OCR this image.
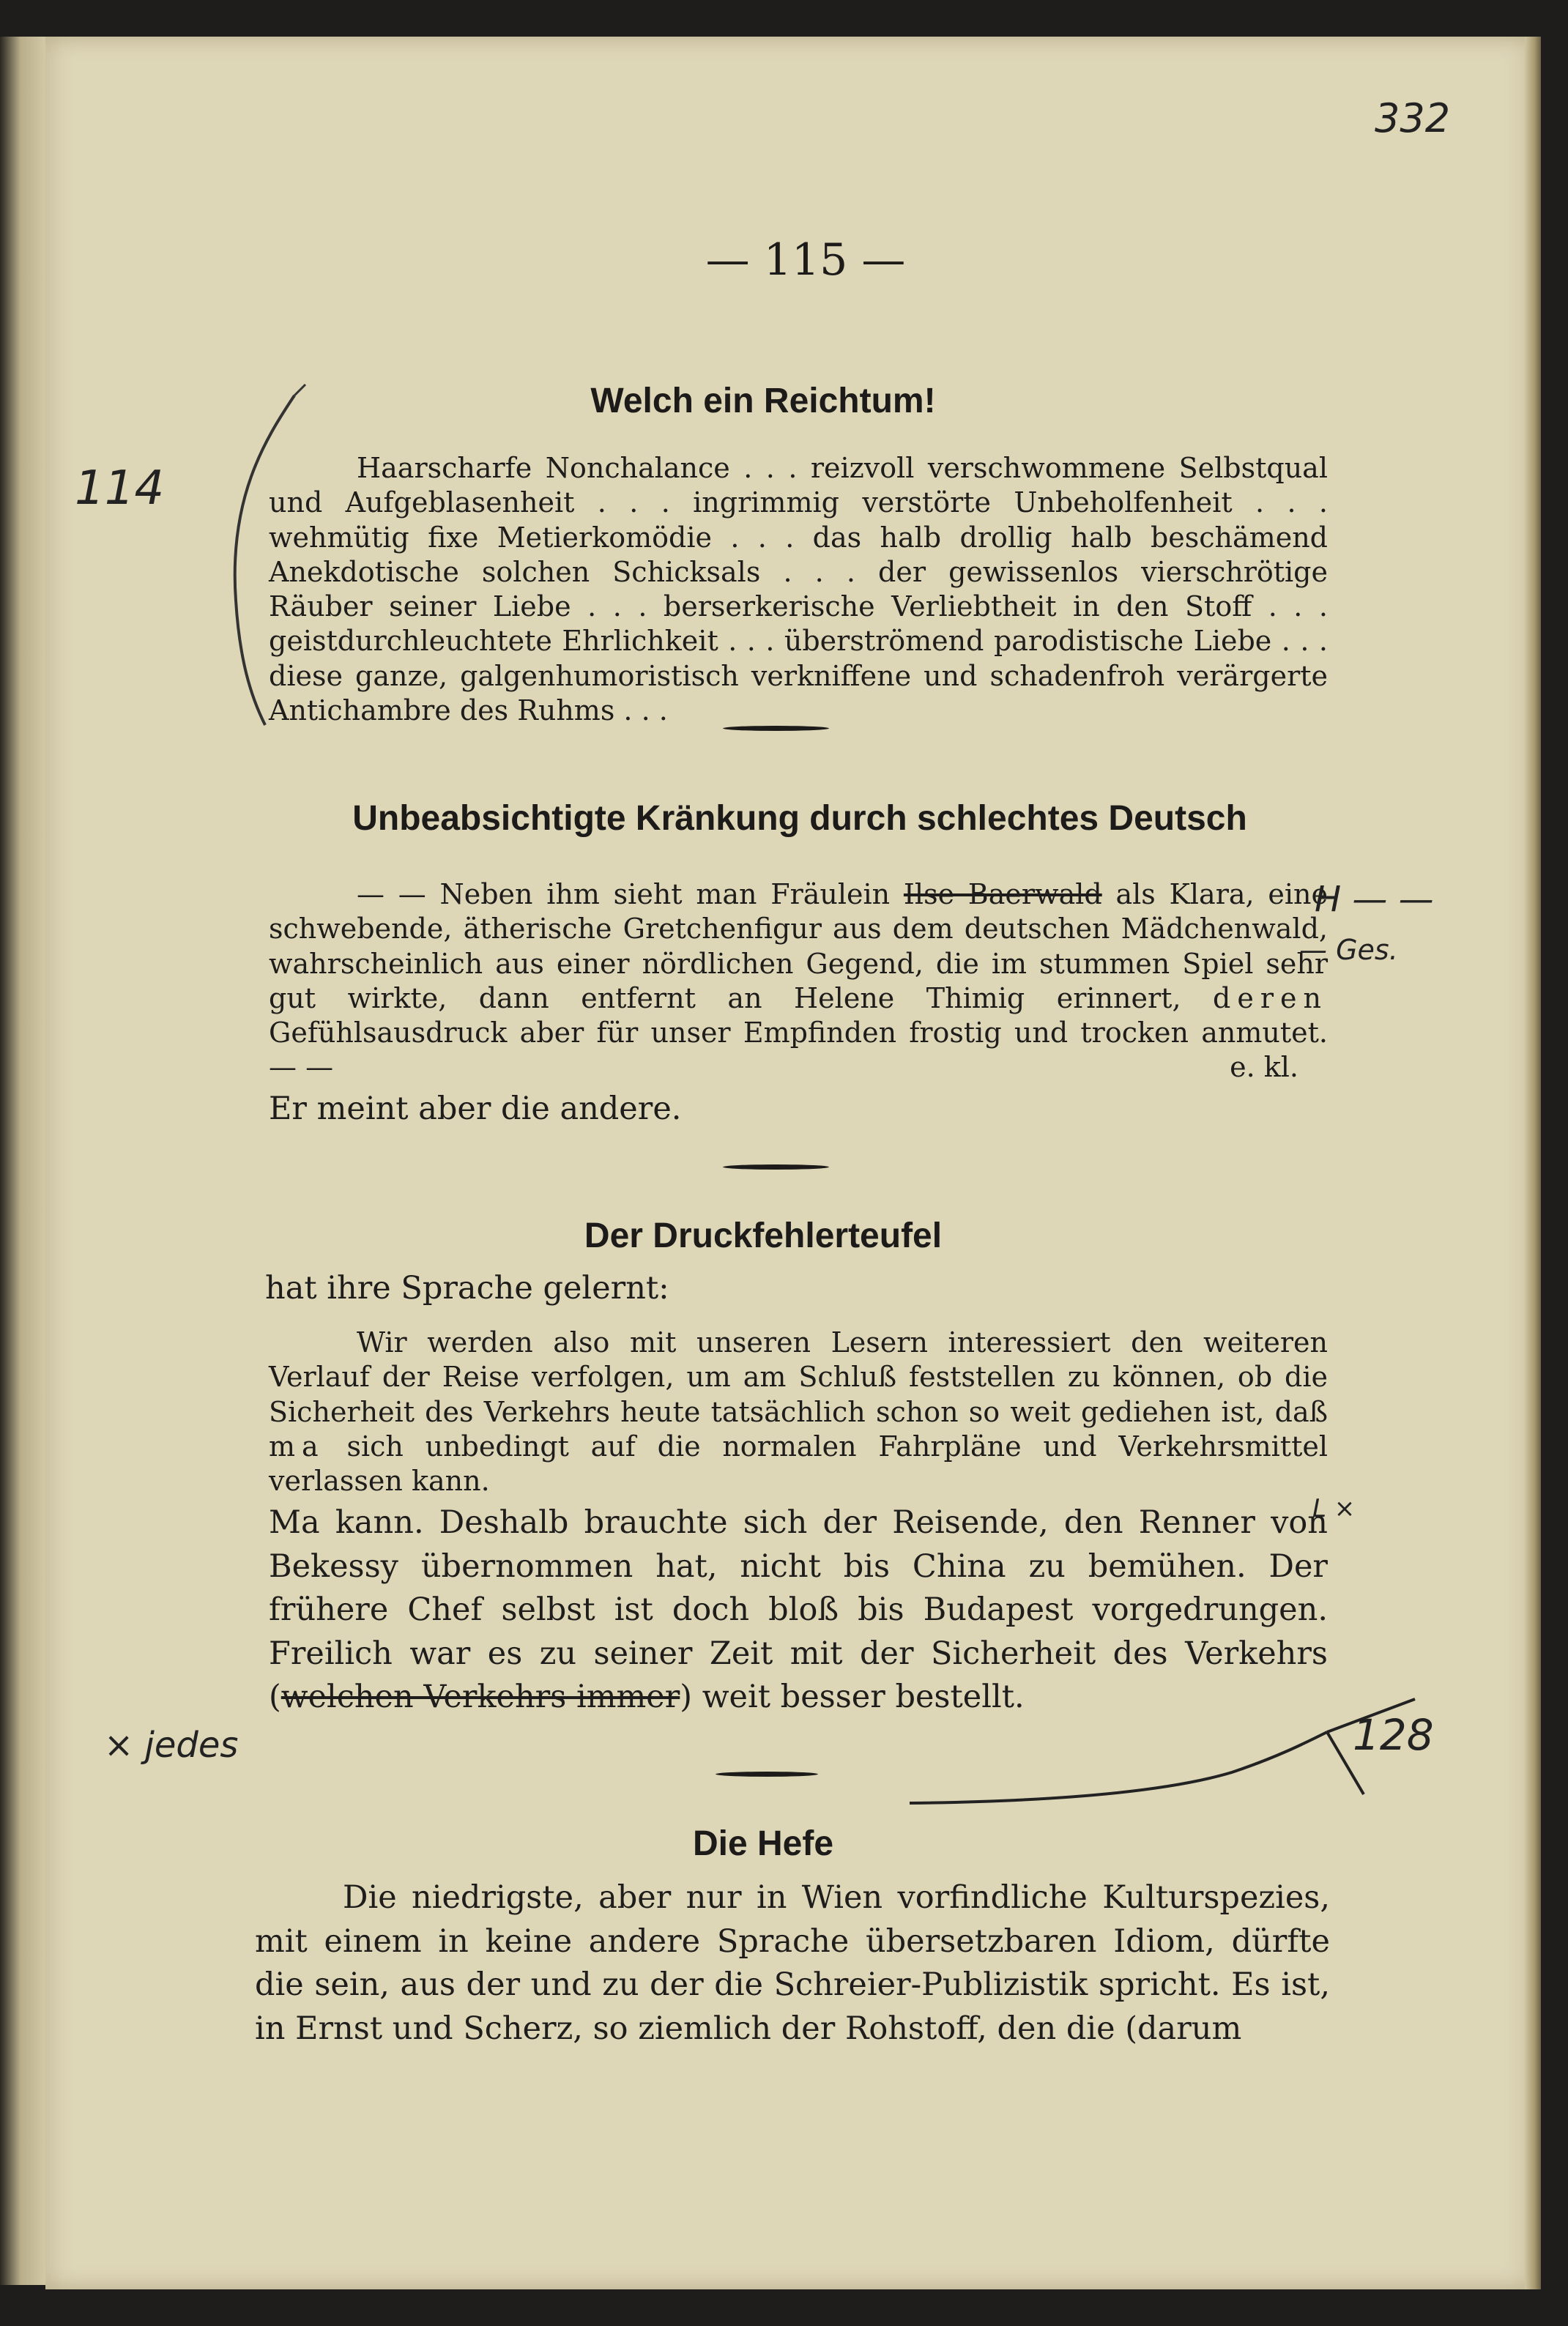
332
— 115 —
114
Welch ein Reichtum!

Haarscharfe Nonchalance . . . reizvoll verschwommene Selbstqual und Aufgeblasenheit . . . ingrimmig verstörte Unbeholfenheit . . . wehmütig fixe Metierkomödie . . . das halb drollig halb beschämend Anekdotische solchen Schicksals . . . der gewissenlos vierschrötige Räuber seiner Liebe . . . berserkerische Verliebtheit in den Stoff . . . geistdurchleuchtete Ehrlichkeit . . . überströmend parodistische Liebe . . . diese ganze, galgenhumoristisch verkniffene und schadenfroh verärgerte Antichambre des Ruhms . . .

Unbeabsichtigte Kränkung durch schlechtes Deutsch

— — Neben ihm sieht man Fräulein Ilse Baerwald als Klara, eine schwebende, ätherische Gretchenfigur aus dem deutschen Mädchenwald, wahrscheinlich aus einer nördlichen Gegend, die im stummen Spiel sehr gut wirkte, dann entfernt an Helene Thimig erinnert, deren Gefühlsausdruck aber für unser Empfinden frostig und trocken anmutet. — —	e. kl.

Er meint aber die andere.
H — —
— Ges.
Der Druckfehlerteufel
hat ihre Sprache gelernt:

Wir werden also mit unseren Lesern interessiert den weiteren Verlauf der Reise verfolgen, um am Schluß feststellen zu können, ob die Sicherheit des Verkehrs heute tatsächlich schon so weit gediehen ist, daß ma sich unbedingt auf die normalen Fahrpläne und Verkehrsmittel verlassen kann.

Ma kann. Deshalb brauchte sich der Reisende, den Renner von Bekessy übernommen hat, nicht bis China zu bemühen. Der frühere Chef selbst ist doch bloß bis Budapest vorgedrungen. Freilich war es zu seiner Zeit mit der Sicherheit des Verkehrs (welchen Verkehrs immer) weit besser bestellt.

L ×
× jedes	128
Die Hefe

Die niedrigste, aber nur in Wien vorfindliche Kulturspezies, mit einem in keine andere Sprache übersetzbaren Idiom, dürfte die sein, aus der und zu der die Schreier-Publizistik spricht. Es ist, in Ernst und Scherz, so ziemlich der Rohstoff, den die (darum
